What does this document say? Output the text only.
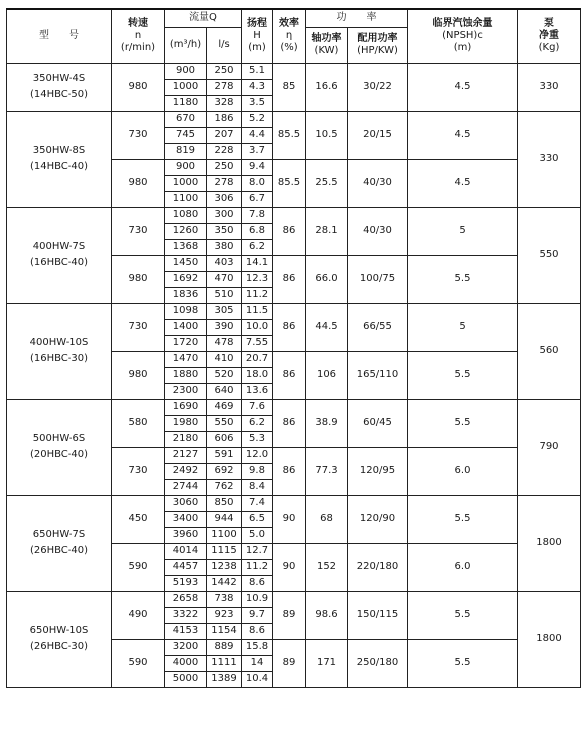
型　　号	转速
n
(r/min)	流量Q		扬程
H
(m)	效率
η
(%)	功　　率		临界汽蚀余量
(NPSH)c
(m)	泵
净重
(Kg)
		(m³/h)	l/s			轴功率
(KW)	配用功率
(HP/KW)		
350HW-4S
(14HBC-50)	980	900	250	5.1	85	16.6	30/22	4.5	330
		1000	278	4.3					
		1180	328	3.5					
350HW-8S
(14HBC-40)	730	670	186	5.2	85.5	10.5	20/15	4.5	330
		745	207	4.4					
		819	228	3.7					
	980	900	250	9.4	85.5	25.5	40/30	4.5	
		1000	278	8.0					
		1100	306	6.7					
400HW-7S
(16HBC-40)	730	1080	300	7.8	86	28.1	40/30	5	550
		1260	350	6.8					
		1368	380	6.2					
	980	1450	403	14.1	86	66.0	100/75	5.5	
		1692	470	12.3					
		1836	510	11.2					
400HW-10S
(16HBC-30)	730	1098	305	11.5	86	44.5	66/55	5	560
		1400	390	10.0					
		1720	478	7.55					
	980	1470	410	20.7	86	106	165/110	5.5	
		1880	520	18.0					
		2300	640	13.6					
500HW-6S
(20HBC-40)	580	1690	469	7.6	86	38.9	60/45	5.5	790
		1980	550	6.2					
		2180	606	5.3					
	730	2127	591	12.0	86	77.3	120/95	6.0	
		2492	692	9.8					
		2744	762	8.4					
650HW-7S
(26HBC-40)	450	3060	850	7.4	90	68	120/90	5.5	1800
		3400	944	6.5					
		3960	1100	5.0					
	590	4014	1115	12.7	90	152	220/180	6.0	
		4457	1238	11.2					
		5193	1442	8.6					
650HW-10S
(26HBC-30)	490	2658	738	10.9	89	98.6	150/115	5.5	1800
		3322	923	9.7					
		4153	1154	8.6					
	590	3200	889	15.8	89	171	250/180	5.5	
		4000	1111	14					
		5000	1389	10.4					
